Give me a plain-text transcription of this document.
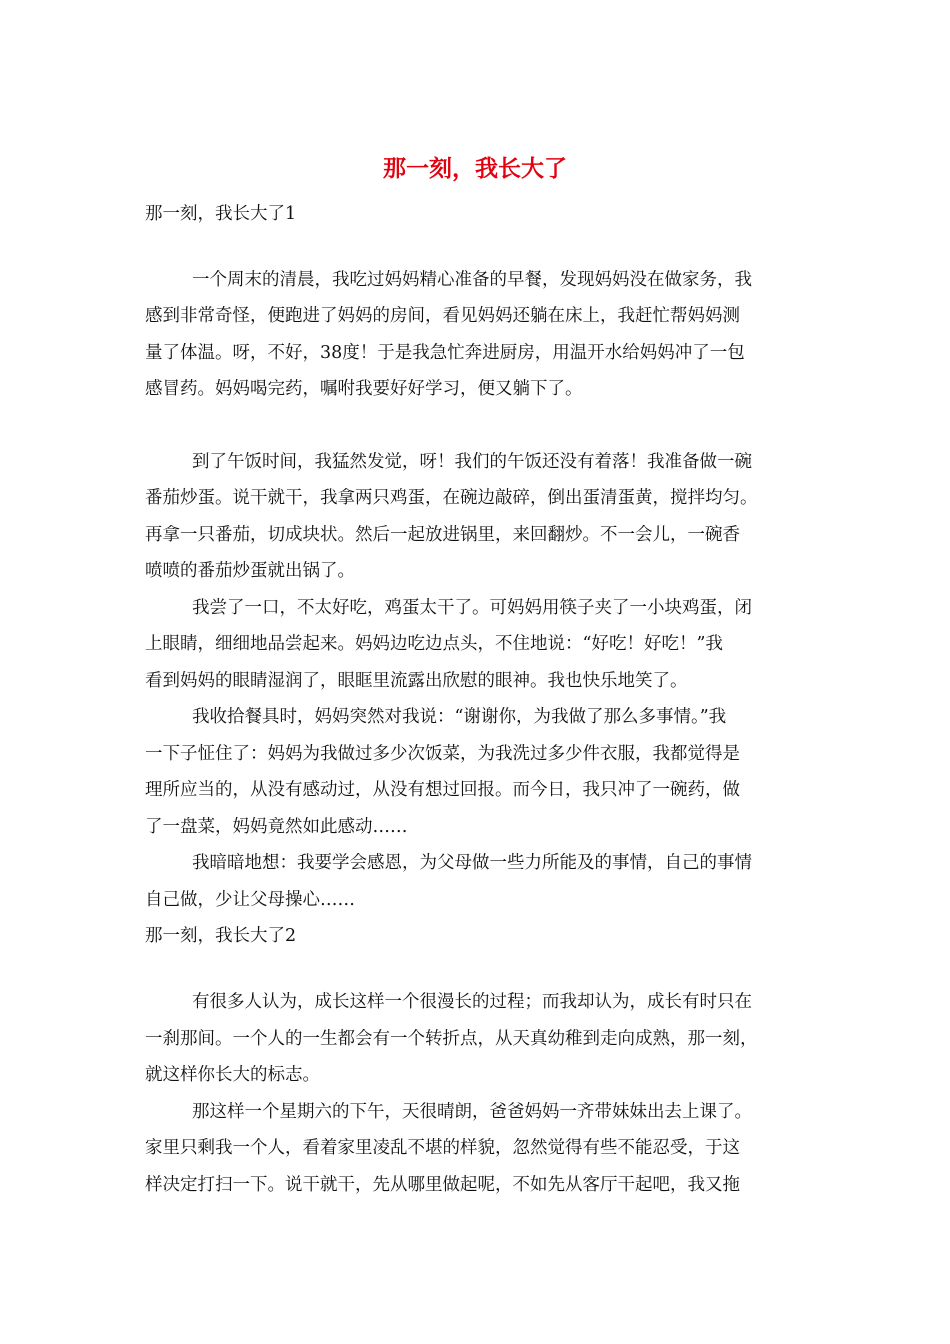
那一刻，我长大了

那一刻，我长大了1

一个周末的清晨，我吃过妈妈精心准备的早餐，发现妈妈没在做家务，我

感到非常奇怪，便跑进了妈妈的房间，看见妈妈还躺在床上，我赶忙帮妈妈测

量了体温。呀，不好，38度！于是我急忙奔进厨房，用温开水给妈妈冲了一包

感冒药。妈妈喝完药，嘱咐我要好好学习，便又躺下了。

到了午饭时间，我猛然发觉，呀！我们的午饭还没有着落！我准备做一碗

番茄炒蛋。说干就干，我拿两只鸡蛋，在碗边敲碎，倒出蛋清蛋黄，搅拌均匀。

再拿一只番茄，切成块状。然后一起放进锅里，来回翻炒。不一会儿，一碗香

喷喷的番茄炒蛋就出锅了。

我尝了一口，不太好吃，鸡蛋太干了。可妈妈用筷子夹了一小块鸡蛋，闭

上眼睛，细细地品尝起来。妈妈边吃边点头，不住地说：“好吃！好吃！”我

看到妈妈的眼睛湿润了，眼眶里流露出欣慰的眼神。我也快乐地笑了。

我收拾餐具时，妈妈突然对我说：“谢谢你，为我做了那么多事情。”我

一下子怔住了：妈妈为我做过多少次饭菜，为我洗过多少件衣服，我都觉得是

理所应当的，从没有感动过，从没有想过回报。而今日，我只冲了一碗药，做

了一盘菜，妈妈竟然如此感动……

我暗暗地想：我要学会感恩，为父母做一些力所能及的事情，自己的事情

自己做，少让父母操心……

那一刻，我长大了2

有很多人认为，成长这样一个很漫长的过程；而我却认为，成长有时只在

一刹那间。一个人的一生都会有一个转折点，从天真幼稚到走向成熟，那一刻，

就这样你长大的标志。

那这样一个星期六的下午，天很晴朗，爸爸妈妈一齐带妹妹出去上课了。

家里只剩我一个人，看着家里凌乱不堪的样貌，忽然觉得有些不能忍受，于这

样决定打扫一下。说干就干，先从哪里做起呢，不如先从客厅干起吧，我又拖
